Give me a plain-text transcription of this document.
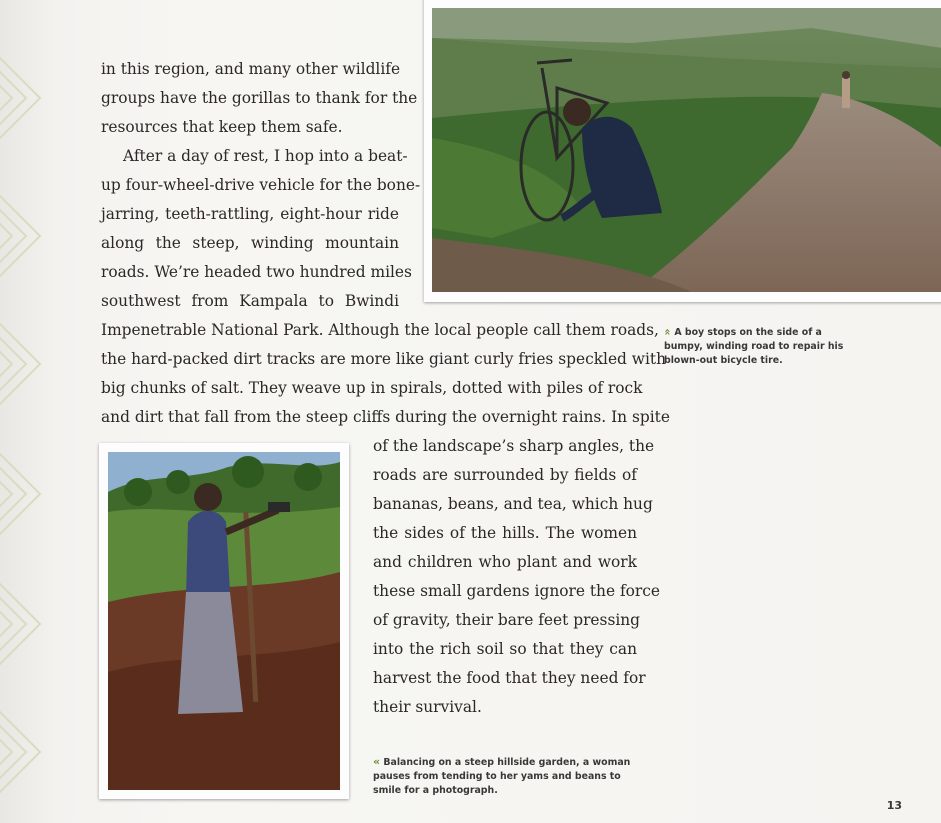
in this region, and many other wildlife
groups have the gorillas to thank for the
resources that keep them safe.

After a day of rest, I hop into a beat-
up four-wheel-drive vehicle for the bone-
jarring, teeth-rattling, eight-hour ride
along the steep, winding mountain
roads. We’re headed two hundred miles
southwest from Kampala to Bwindi

Impenetrable National Park. Although the local people call them roads,
the hard-packed dirt tracks are more like giant curly fries speckled with
big chunks of salt. They weave up in spirals, dotted with piles of rock
and dirt that fall from the steep cliffs during the overnight rains. In spite
» A boy stops on the side of a
bumpy, winding road to repair his
blown-out bicycle tire.
of the landscape’s sharp angles, the
roads are surrounded by fields of
bananas, beans, and tea, which hug
the sides of the hills. The women
and children who plant and work
these small gardens ignore the force
of gravity, their bare feet pressing
into the rich soil so that they can
harvest the food that they need for
their survival.
« Balancing on a steep hillside garden, a woman
pauses from tending to her yams and beans to
smile for a photograph.
13
